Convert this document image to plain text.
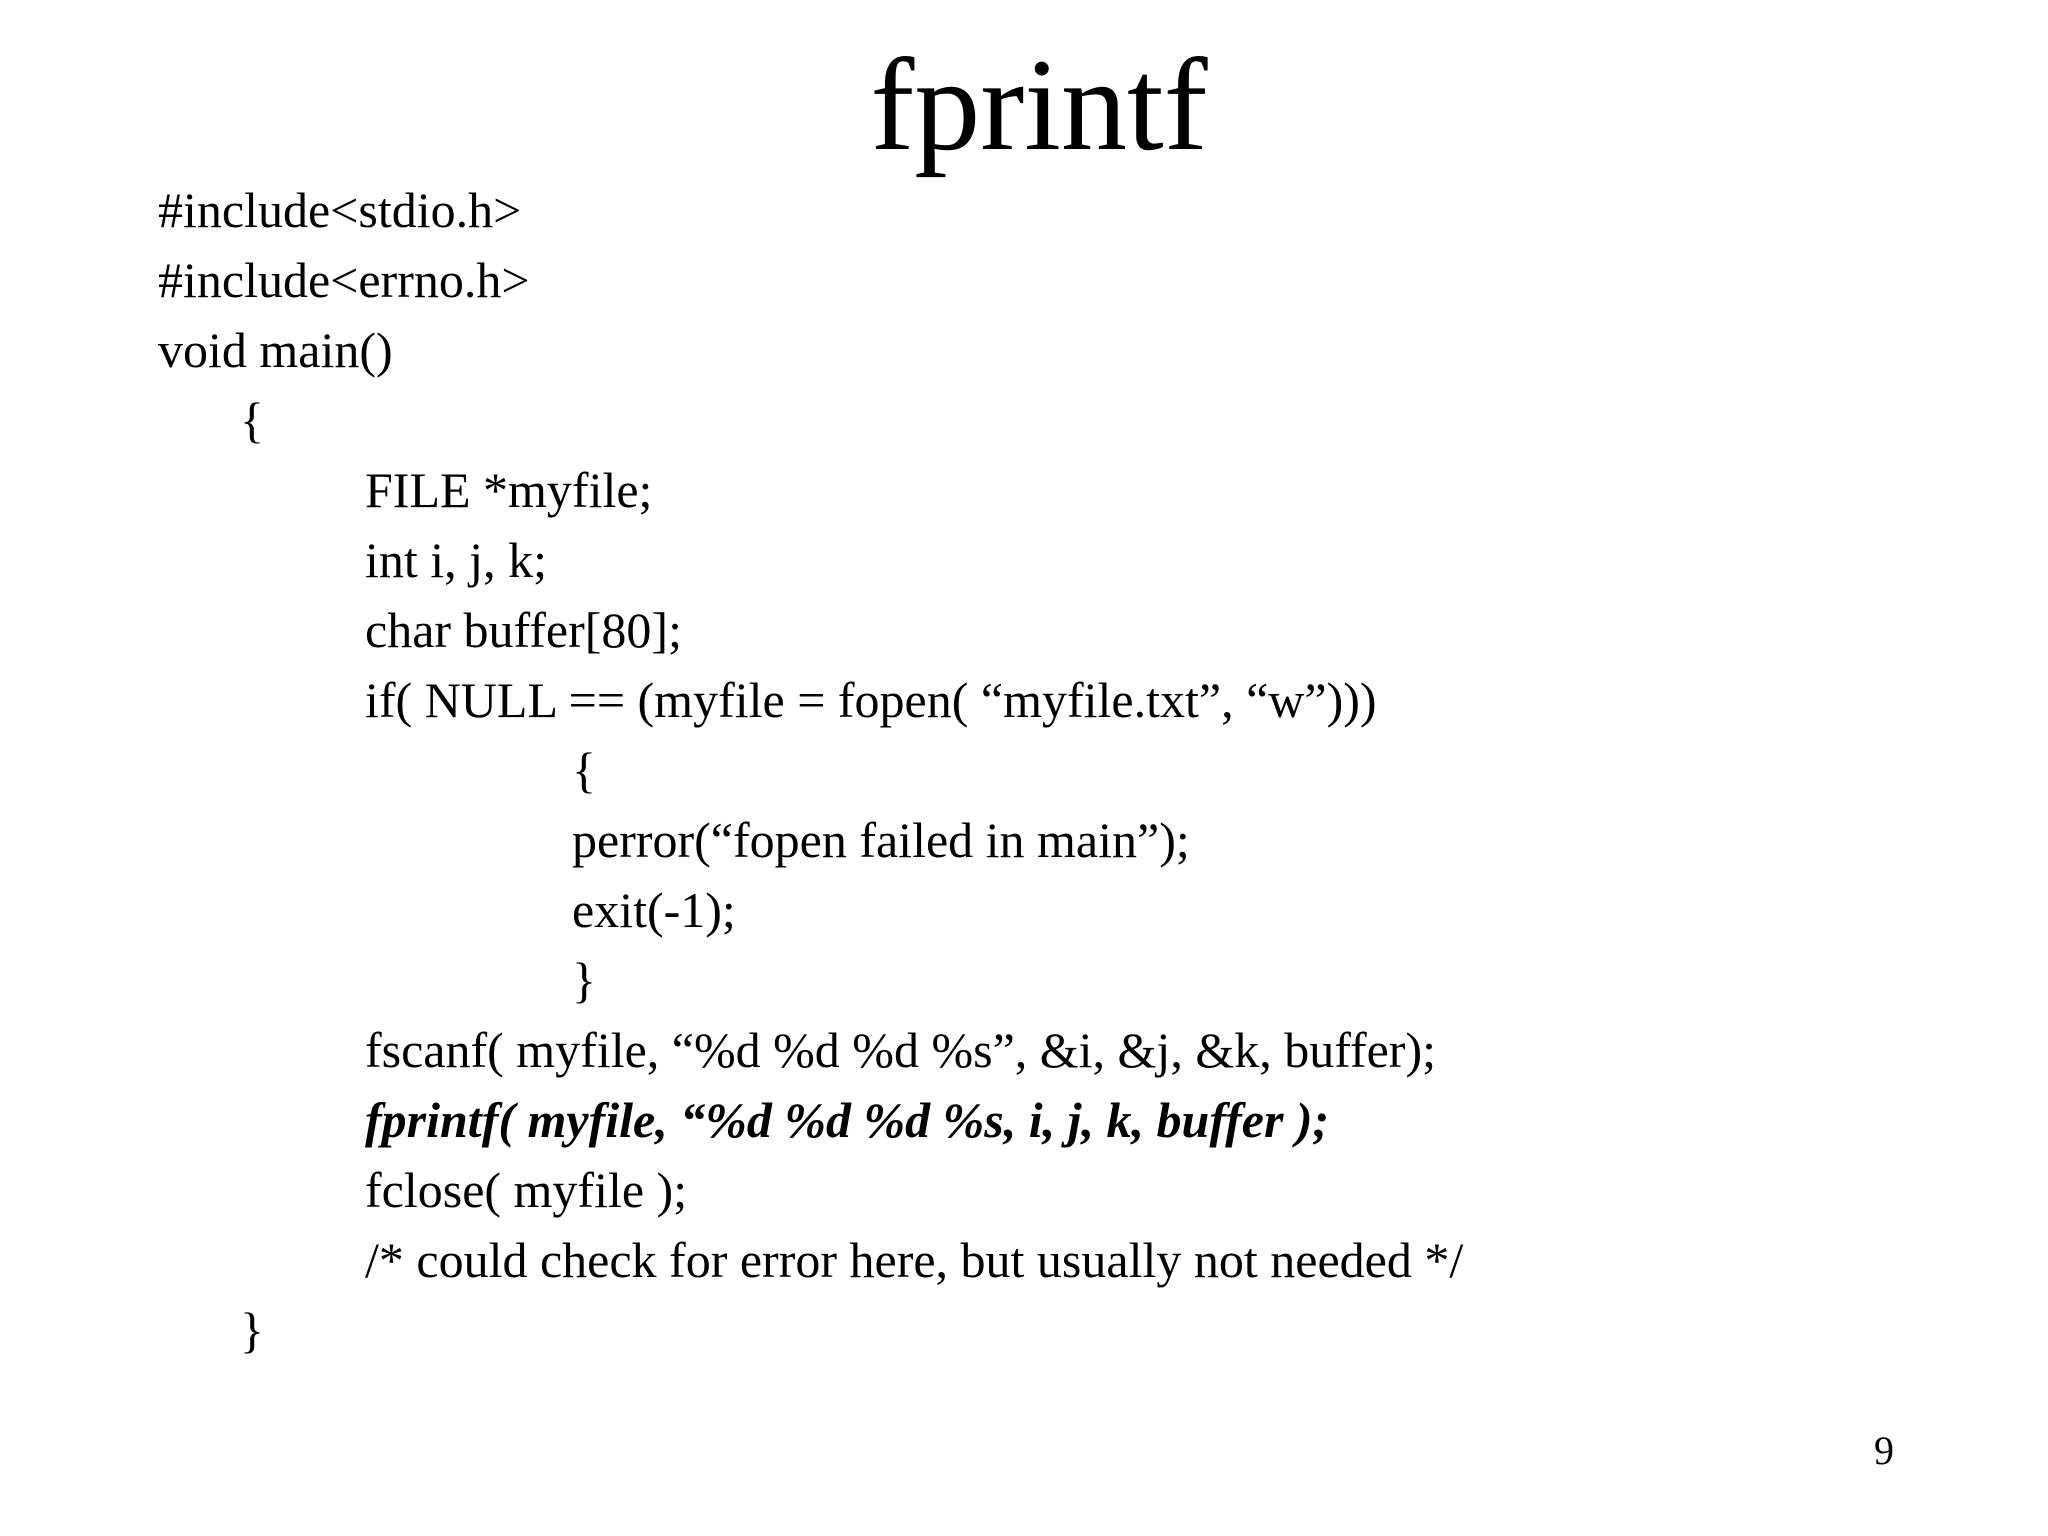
fprintf
#include<stdio.h>
#include<errno.h>
void main()
{
FILE *myfile;
int i, j, k;
char buffer[80];
if( NULL == (myfile = fopen( “myfile.txt”, “w”)))
{
perror(“fopen failed in main”);
exit(-1);
}
fscanf( myfile, “%d %d %d %s”, &i, &j, &k, buffer);
fprintf( myfile, “%d %d %d %s, i, j, k, buffer );
fclose( myfile );
/* could check for error here, but usually not needed */
}
9
